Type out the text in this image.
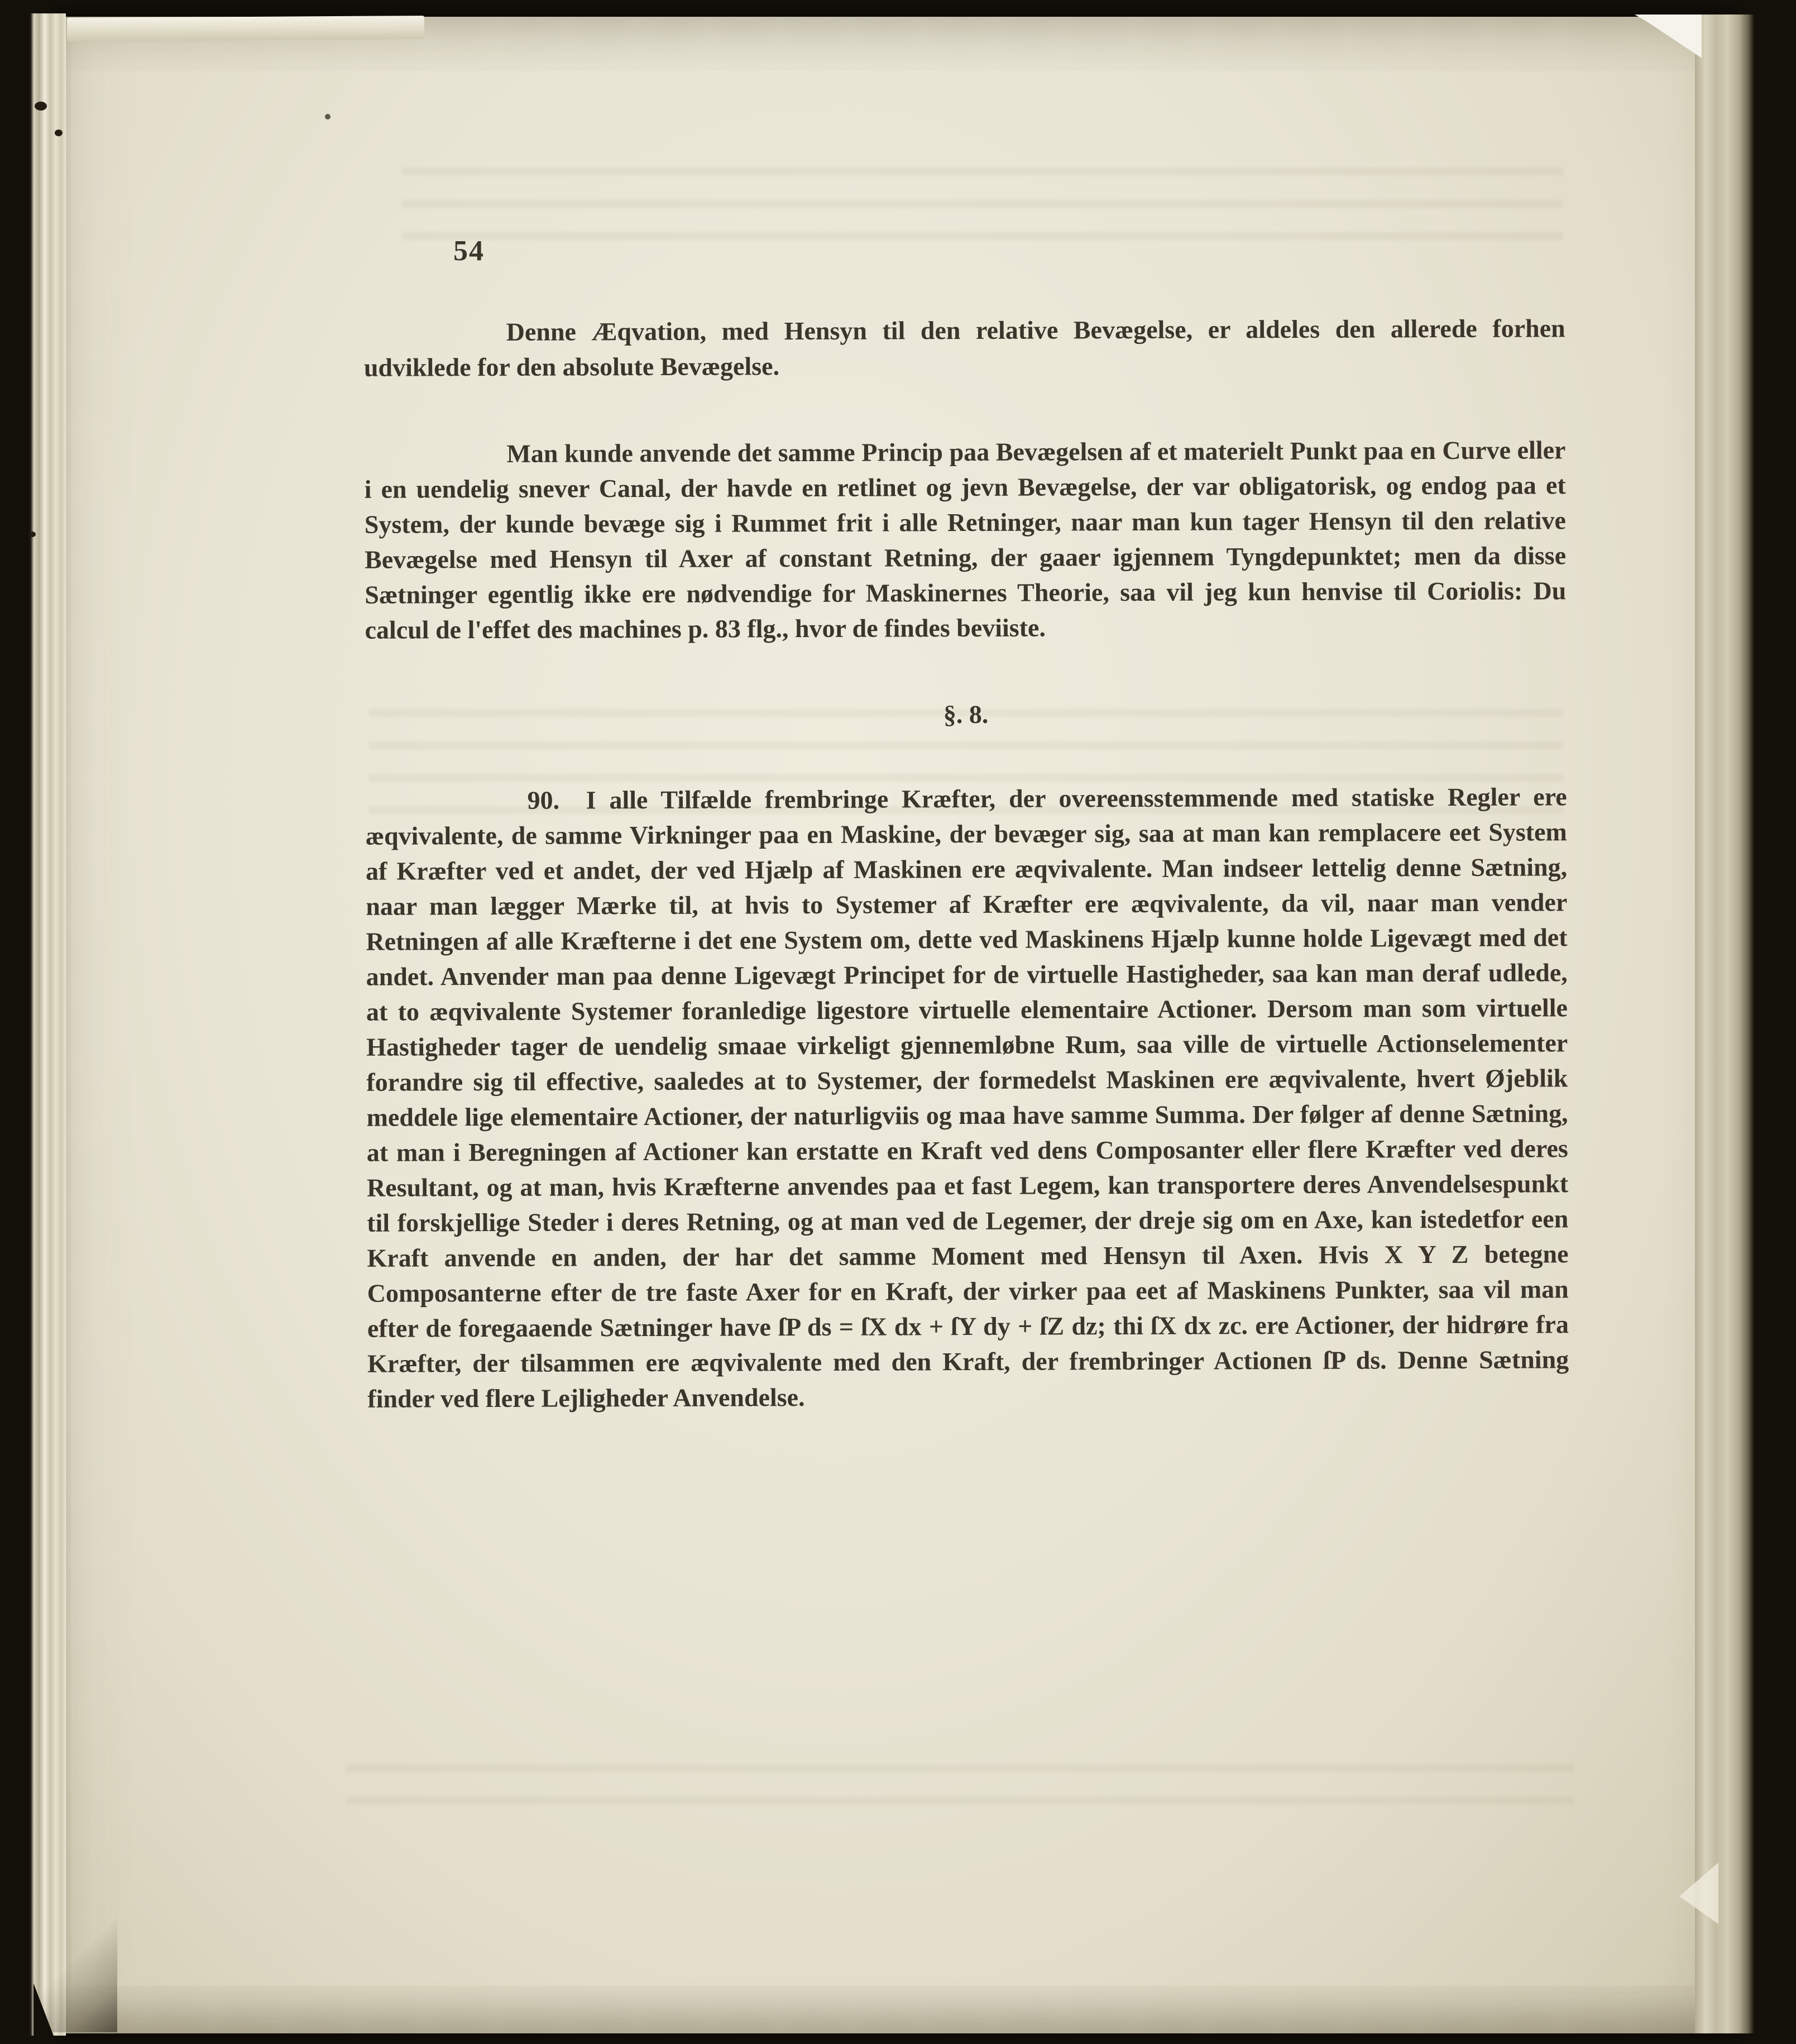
54

Denne Æqvation, med Hensyn til den relative Bevægelse, er aldeles den allerede forhen udviklede for den absolute Bevægelse.

Man kunde anvende det samme Princip paa Bevægelsen af et materielt Punkt paa en Curve eller i en uendelig snever Canal, der havde en retlinet og jevn Bevægelse, der var obligatorisk, og endog paa et System, der kunde bevæge sig i Rummet frit i alle Retninger, naar man kun tager Hensyn til den relative Bevægelse med Hensyn til Axer af constant Retning, der gaaer igjennem Tyngdepunktet; men da disse Sætninger egentlig ikke ere nødvendige for Maskinernes Theorie, saa vil jeg kun henvise til Coriolis: Du calcul de l'effet des machines p. 83 flg., hvor de findes beviiste.

§. 8.

90.  I alle Tilfælde frembringe Kræfter, der overeensstemmende med statiske Regler ere æqvivalente, de samme Virkninger paa en Maskine, der bevæger sig, saa at man kan remplacere eet System af Kræfter ved et andet, der ved Hjælp af Maskinen ere æqvivalente. Man indseer lettelig denne Sætning, naar man lægger Mærke til, at hvis to Systemer af Kræfter ere æqvivalente, da vil, naar man vender Retningen af alle Kræfterne i det ene System om, dette ved Maskinens Hjælp kunne holde Ligevægt med det andet. Anvender man paa denne Ligevægt Principet for de virtuelle Hastigheder, saa kan man deraf udlede, at to æqvivalente Systemer foranledige ligestore virtuelle elementaire Actioner. Dersom man som virtuelle Hastigheder tager de uendelig smaae virkeligt gjennemløbne Rum, saa ville de virtuelle Actionselementer forandre sig til effective, saaledes at to Systemer, der formedelst Maskinen ere æqvivalente, hvert Øjeblik meddele lige elementaire Actioner, der naturligviis og maa have samme Summa. Der følger af denne Sætning, at man i Beregningen af Actioner kan erstatte en Kraft ved dens Composanter eller flere Kræfter ved deres Resultant, og at man, hvis Kræfterne anvendes paa et fast Legem, kan transportere deres Anvendelsespunkt til forskjellige Steder i deres Retning, og at man ved de Legemer, der dreje sig om en Axe, kan istedetfor een Kraft anvende en anden, der har det samme Moment med Hensyn til Axen. Hvis X Y Z betegne Composanterne efter de tre faste Axer for en Kraft, der virker paa eet af Maskinens Punkter, saa vil man efter de foregaaende Sætninger have ſP ds = ſX dx + ſY dy + ſZ dz; thi ſX dx zc. ere Actioner, der hidrøre fra Kræfter, der tilsammen ere æqvivalente med den Kraft, der frembringer Actionen ſP ds. Denne Sætning finder ved flere Lejligheder Anvendelse.
